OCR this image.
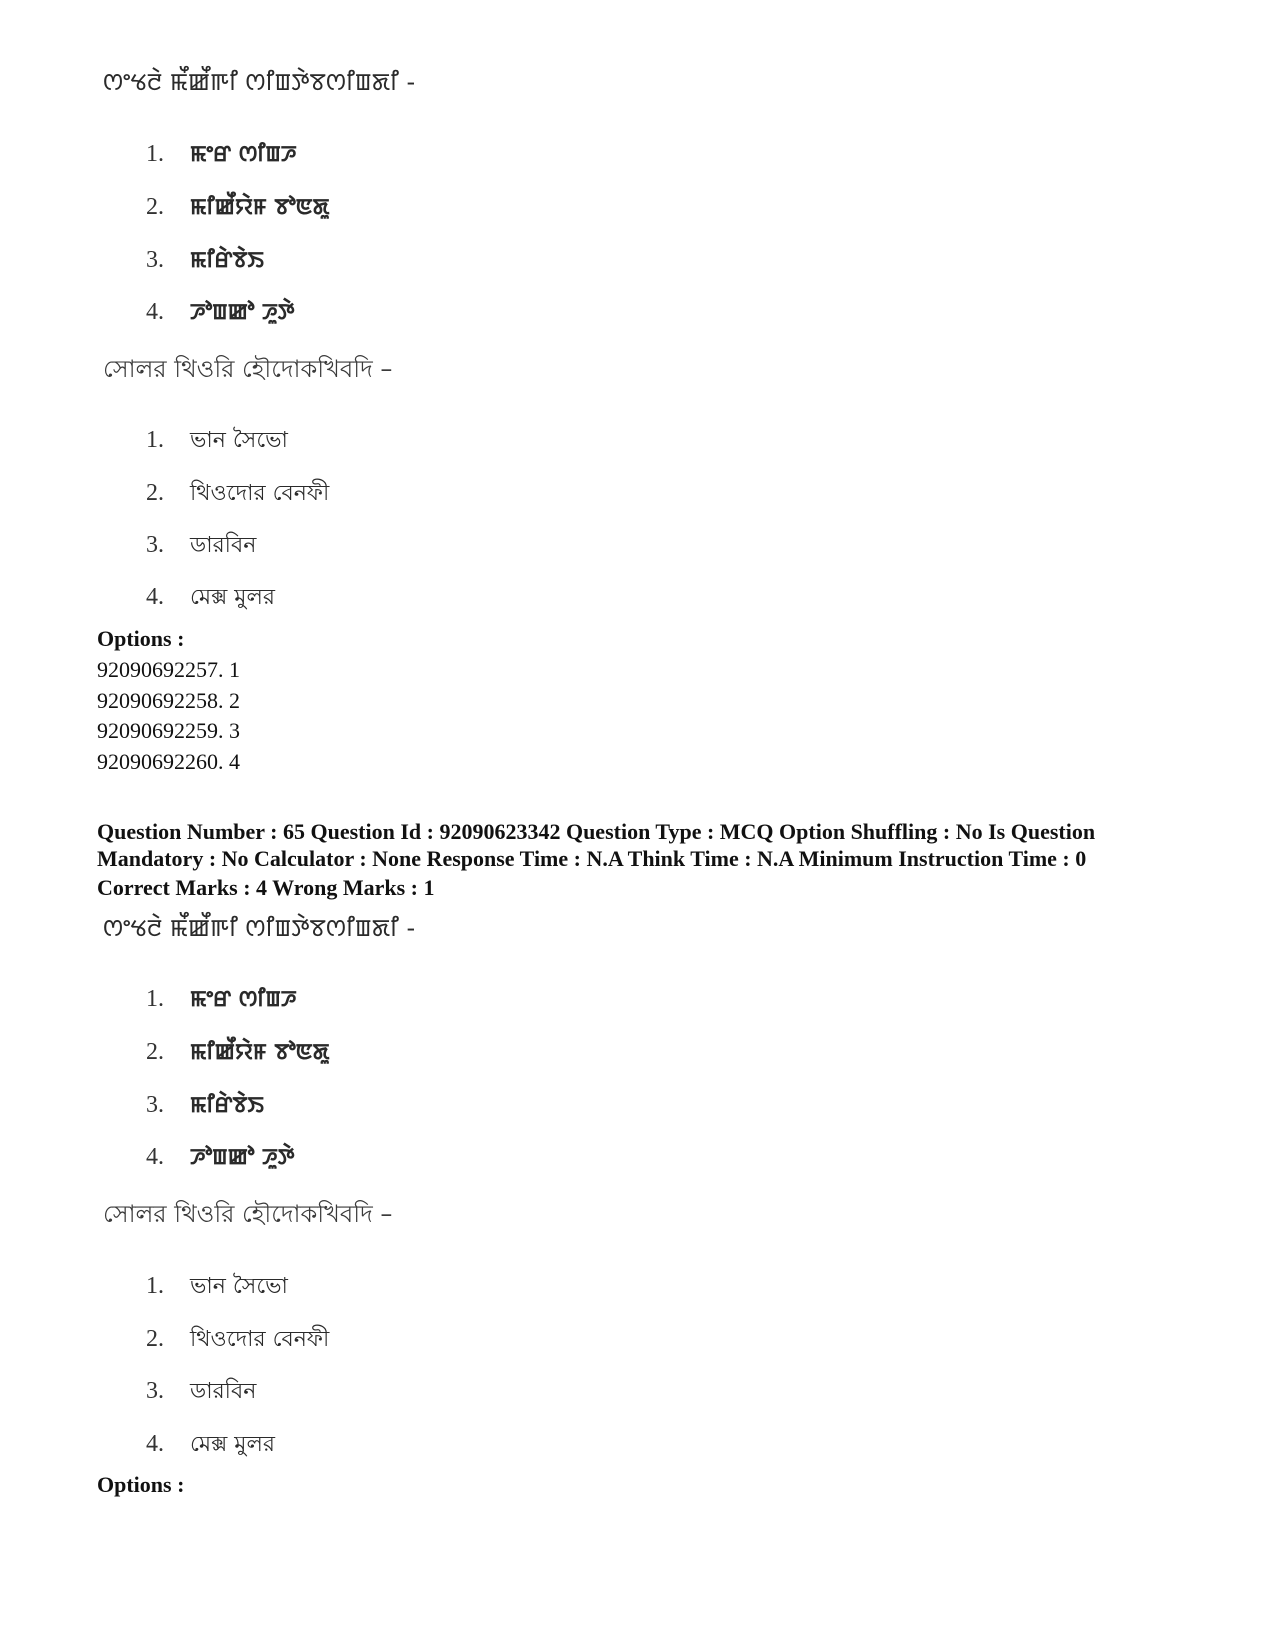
ꯁꯦꯠꯂꯥ ꯃꯩꯀꯩꯒꯤ ꯁꯤꯡꯇꯥꯕꯁꯤꯡꯗꯤ -
1. ꯃꯦꯔ ꯁꯤꯡꯍ
2. ꯃꯤꯀꯩꯌꯥꯝ ꯕꯣꯟꯗꯨ
3. ꯃꯤꯔꯥꯕꯥꯏ
4. ꯍꯣꯡꯀꯣ ꯍꯨꯇꯥ
সোলর থিওরি হৌদোকখিবদি –
1. ভান সৈভো
2. থিওদোর বেনফী
3. ডারবিন
4. মেক্স মুলর
Options :
92090692257. 1
92090692258. 2
92090692259. 3
92090692260. 4
Question Number : 65 Question Id : 92090623342 Question Type : MCQ Option Shuffling : No Is Question
Mandatory : No Calculator : None Response Time : N.A Think Time : N.A Minimum Instruction Time : 0
Correct Marks : 4 Wrong Marks : 1
ꯁꯦꯠꯂꯥ ꯃꯩꯀꯩꯒꯤ ꯁꯤꯡꯇꯥꯕꯁꯤꯡꯗꯤ -
1. ꯃꯦꯔ ꯁꯤꯡꯍ
2. ꯃꯤꯀꯩꯌꯥꯝ ꯕꯣꯟꯗꯨ
3. ꯃꯤꯔꯥꯕꯥꯏ
4. ꯍꯣꯡꯀꯣ ꯍꯨꯇꯥ
সোলর থিওরি হৌদোকখিবদি –
1. ভান সৈভো
2. থিওদোর বেনফী
3. ডারবিন
4. মেক্স মুলর
Options :
